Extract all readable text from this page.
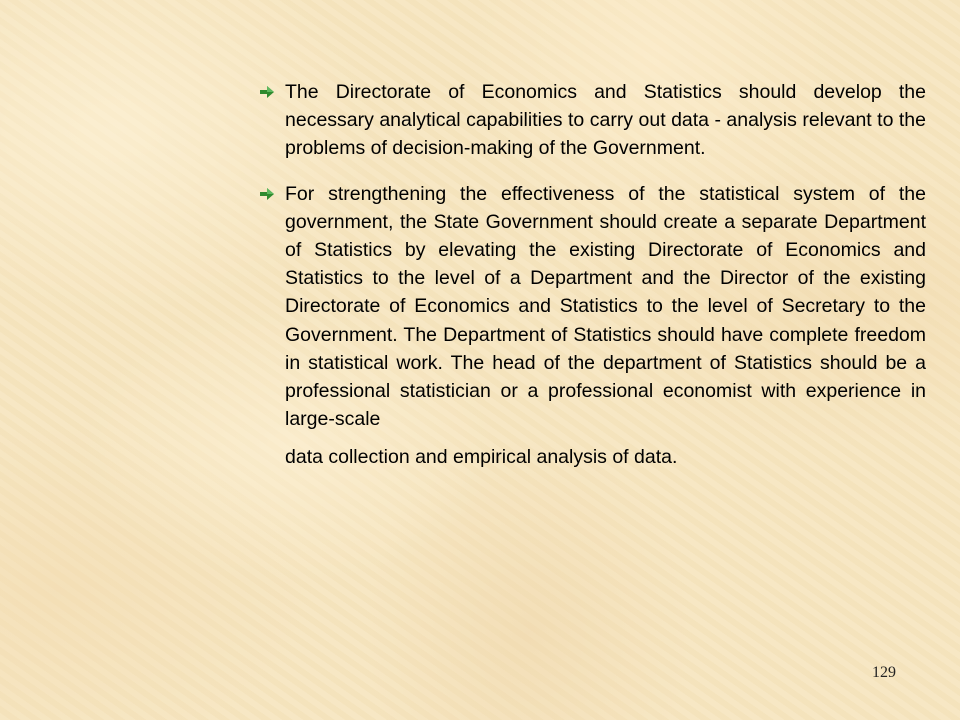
The Directorate of Economics and Statistics should develop the necessary analytical capabilities to carry out data - analysis relevant to the problems of decision-making of the Government.
For strengthening the effectiveness of the statistical system of the government, the State Government should create a separate Department of Statistics by elevating the existing Directorate of Economics and Statistics to the level of a Department and the Director of the existing Directorate of Economics and Statistics to the level of Secretary to the Government. The Department of Statistics should have complete freedom in statistical work. The head of the department of Statistics should be a professional statistician or a professional economist with experience in large-scale
data collection and empirical analysis of data.
129
